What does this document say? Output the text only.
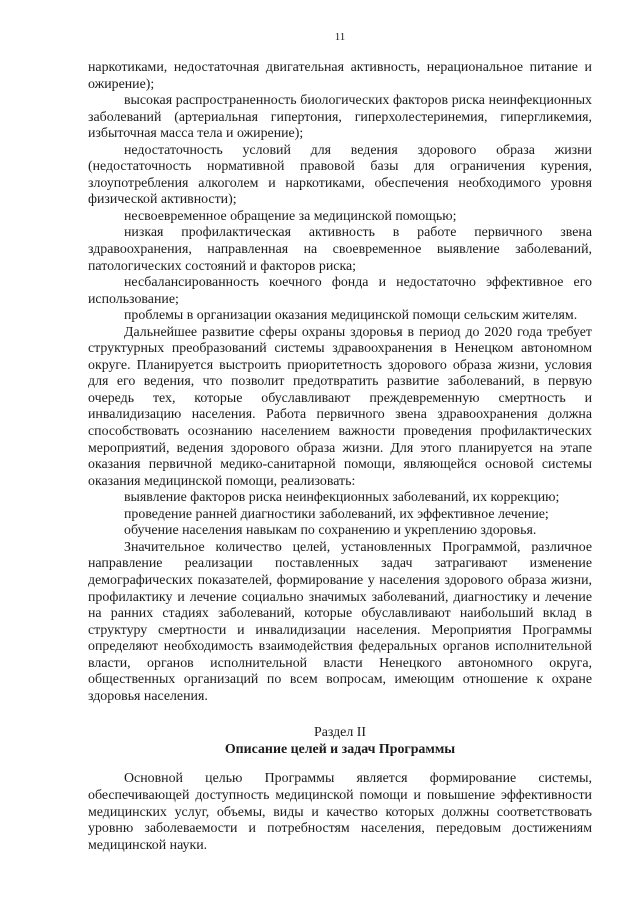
11

наркотиками, недостаточная двигательная активность, нерациональное питание и ожирение);

высокая распространенность биологических факторов риска неинфекционных заболеваний (артериальная гипертония, гиперхолестеринемия, гипергликемия, избыточная масса тела и ожирение);

недостаточность условий для ведения здорового образа жизни (недостаточность нормативной правовой базы для ограничения курения, злоупотребления алкоголем и наркотиками, обеспечения необходимого уровня физической активности);

несвоевременное обращение за медицинской помощью;

низкая профилактическая активность в работе первичного звена здравоохранения, направленная на своевременное выявление заболеваний, патологических состояний и факторов риска;

несбалансированность коечного фонда и недостаточно эффективное его использование;

проблемы в организации оказания медицинской помощи сельским жителям.

Дальнейшее развитие сферы охраны здоровья в период до 2020 года требует структурных преобразований системы здравоохранения в Ненецком автономном округе. Планируется выстроить приоритетность здорового образа жизни, условия для его ведения, что позволит предотвратить развитие заболеваний, в первую очередь тех, которые обуславливают преждевременную смертность и инвалидизацию населения. Работа первичного звена здравоохранения должна способствовать осознанию населением важности проведения профилактических мероприятий, ведения здорового образа жизни. Для этого планируется на этапе оказания первичной медико-санитарной помощи, являющейся основой системы оказания медицинской помощи, реализовать:

выявление факторов риска неинфекционных заболеваний, их коррекцию;

проведение ранней диагностики заболеваний, их эффективное лечение;

обучение населения навыкам по сохранению и укреплению здоровья.

Значительное количество целей, установленных Программой, различное направление реализации поставленных задач затрагивают изменение демографических показателей, формирование у населения здорового образа жизни, профилактику и лечение социально значимых заболеваний, диагностику и лечение на ранних стадиях заболеваний, которые обуславливают наибольший вклад в структуру смертности и инвалидизации населения. Мероприятия Программы определяют необходимость взаимодействия федеральных органов исполнительной власти, органов исполнительной власти Ненецкого автономного округа, общественных организаций по всем вопросам, имеющим отношение к охране здоровья населения.

Раздел II

Описание целей и задач Программы

Основной целью Программы является формирование системы, обеспечивающей доступность медицинской помощи и повышение эффективности медицинских услуг, объемы, виды и качество которых должны соответствовать уровню заболеваемости и потребностям населения, передовым достижениям медицинской науки.
